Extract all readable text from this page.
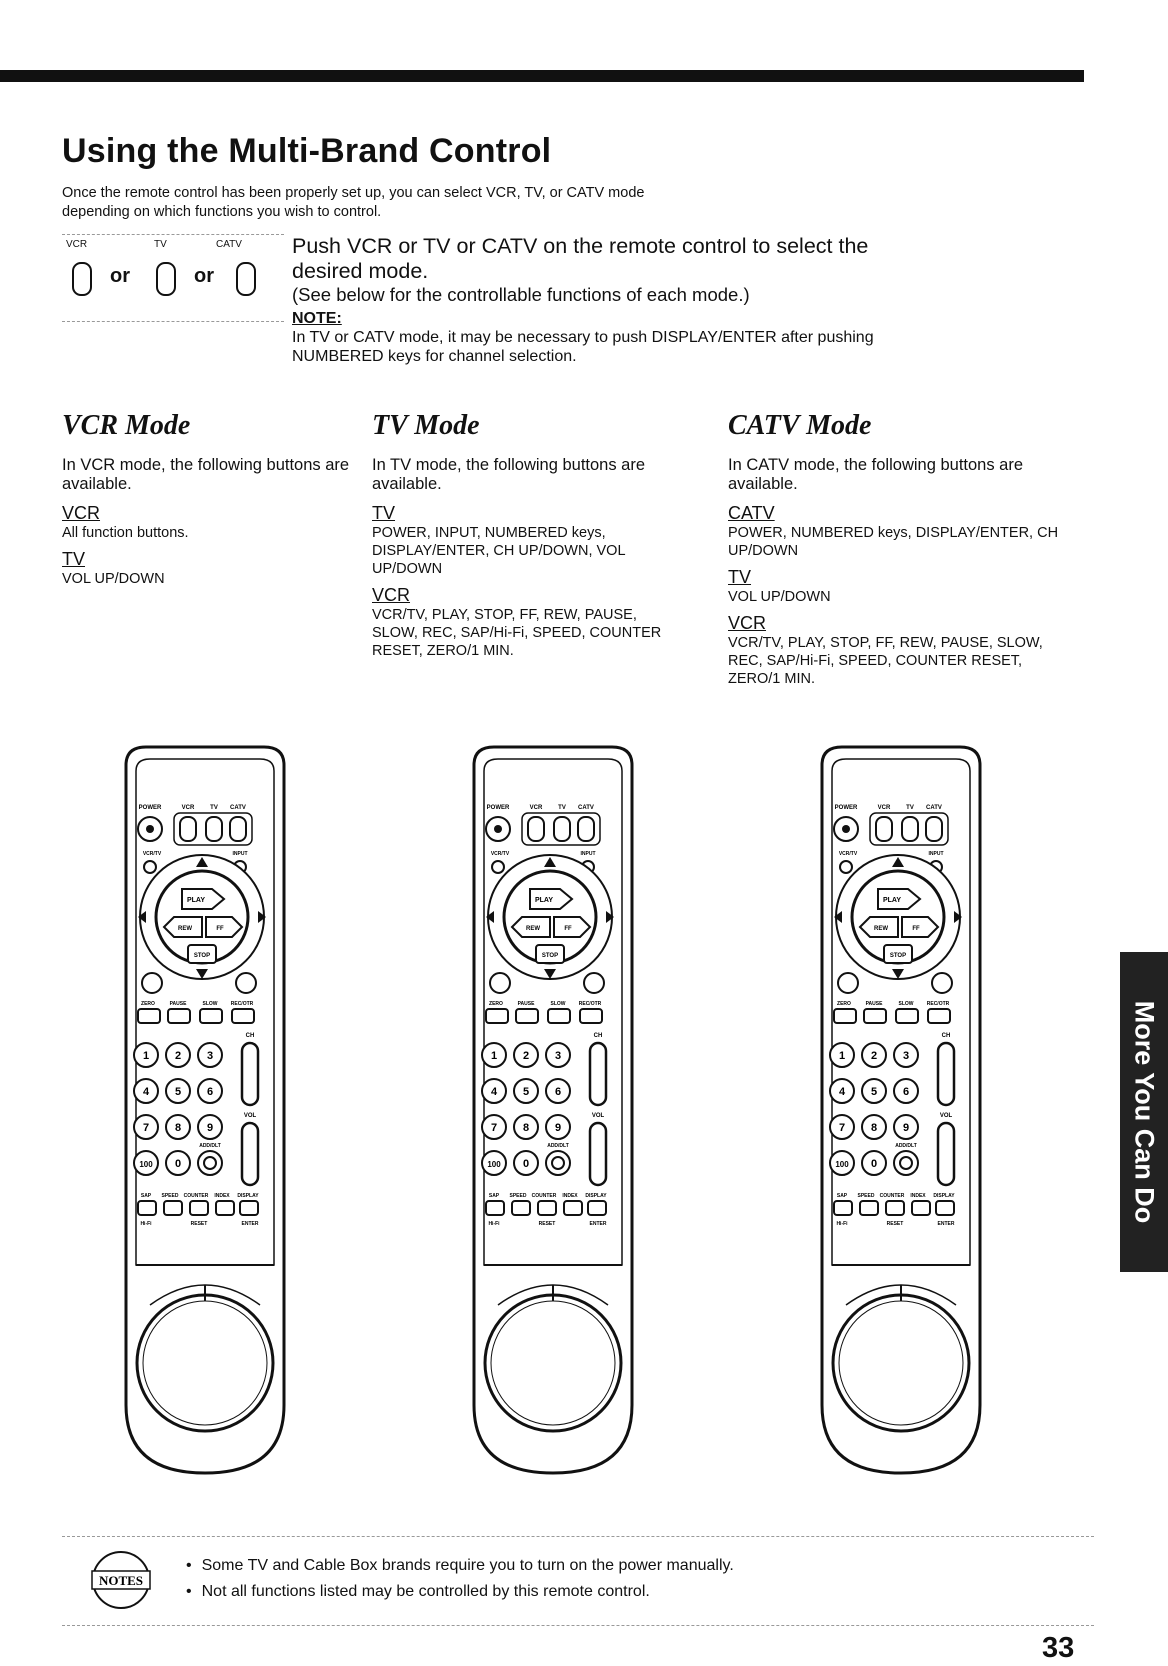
Using the Multi-Brand Control
Once the remote control has been properly set up, you can select VCR, TV, or CATV mode depending on which functions you wish to control.
VCR	TV	CATV
or	or
Push VCR or TV or CATV on the remote control to select the desired mode.
(See below for the controllable functions of each mode.)
NOTE:
In TV or CATV mode, it may be necessary to push DISPLAY/ENTER after pushing NUMBERED keys for channel selection.
VCR Mode
In VCR mode, the following buttons are available.
VCR
All function buttons.
TV
VOL UP/DOWN
TV Mode
In TV mode, the following buttons are available.
TV
POWER, INPUT, NUMBERED keys, DISPLAY/ENTER, CH UP/DOWN, VOL UP/DOWN
VCR
VCR/TV, PLAY, STOP, FF, REW, PAUSE, SLOW, REC, SAP/Hi-Fi, SPEED, COUNTER RESET, ZERO/1 MIN.
CATV Mode
In CATV mode, the following buttons are available.
CATV
POWER, NUMBERED keys, DISPLAY/ENTER, CH UP/DOWN
TV
VOL UP/DOWN
VCR
VCR/TV, PLAY, STOP, FF, REW, PAUSE, SLOW, REC, SAP/Hi-Fi, SPEED, COUNTER RESET, ZERO/1 MIN.
POWER	VCR	TV CATV
VCR/TV	INPUT
PLAY
REW	FF
STOP
ZERO	PAUSE	SLOW	REC/OTR
1 2 3
4 5 6
7 8 9
100 0
ADD/DLT
CH
VOL
SAP SPEED COUNTER INDEX DISPLAY
Hi-Fi	RESET	ENTER
POWER	VCR	TV CATV
VCR/TV	INPUT
PLAY
REW	FF
STOP
ZERO	PAUSE	SLOW	REC/OTR
1 2 3
4 5 6
7 8 9
100 0
ADD/DLT
CH
VOL
SAP SPEED COUNTER INDEX DISPLAY
Hi-Fi	RESET	ENTER
POWER	VCR	TV CATV
VCR/TV	INPUT
PLAY
REW	FF
STOP
ZERO	PAUSE	SLOW	REC/OTR
1 2 3
4 5 6
7 8 9
100 0
ADD/DLT
CH
VOL
SAP SPEED COUNTER INDEX DISPLAY
Hi-Fi	RESET	ENTER
More You Can Do
NOTES
• Some TV and Cable Box brands require you to turn on the power manually.
• Not all functions listed may be controlled by this remote control.
33
